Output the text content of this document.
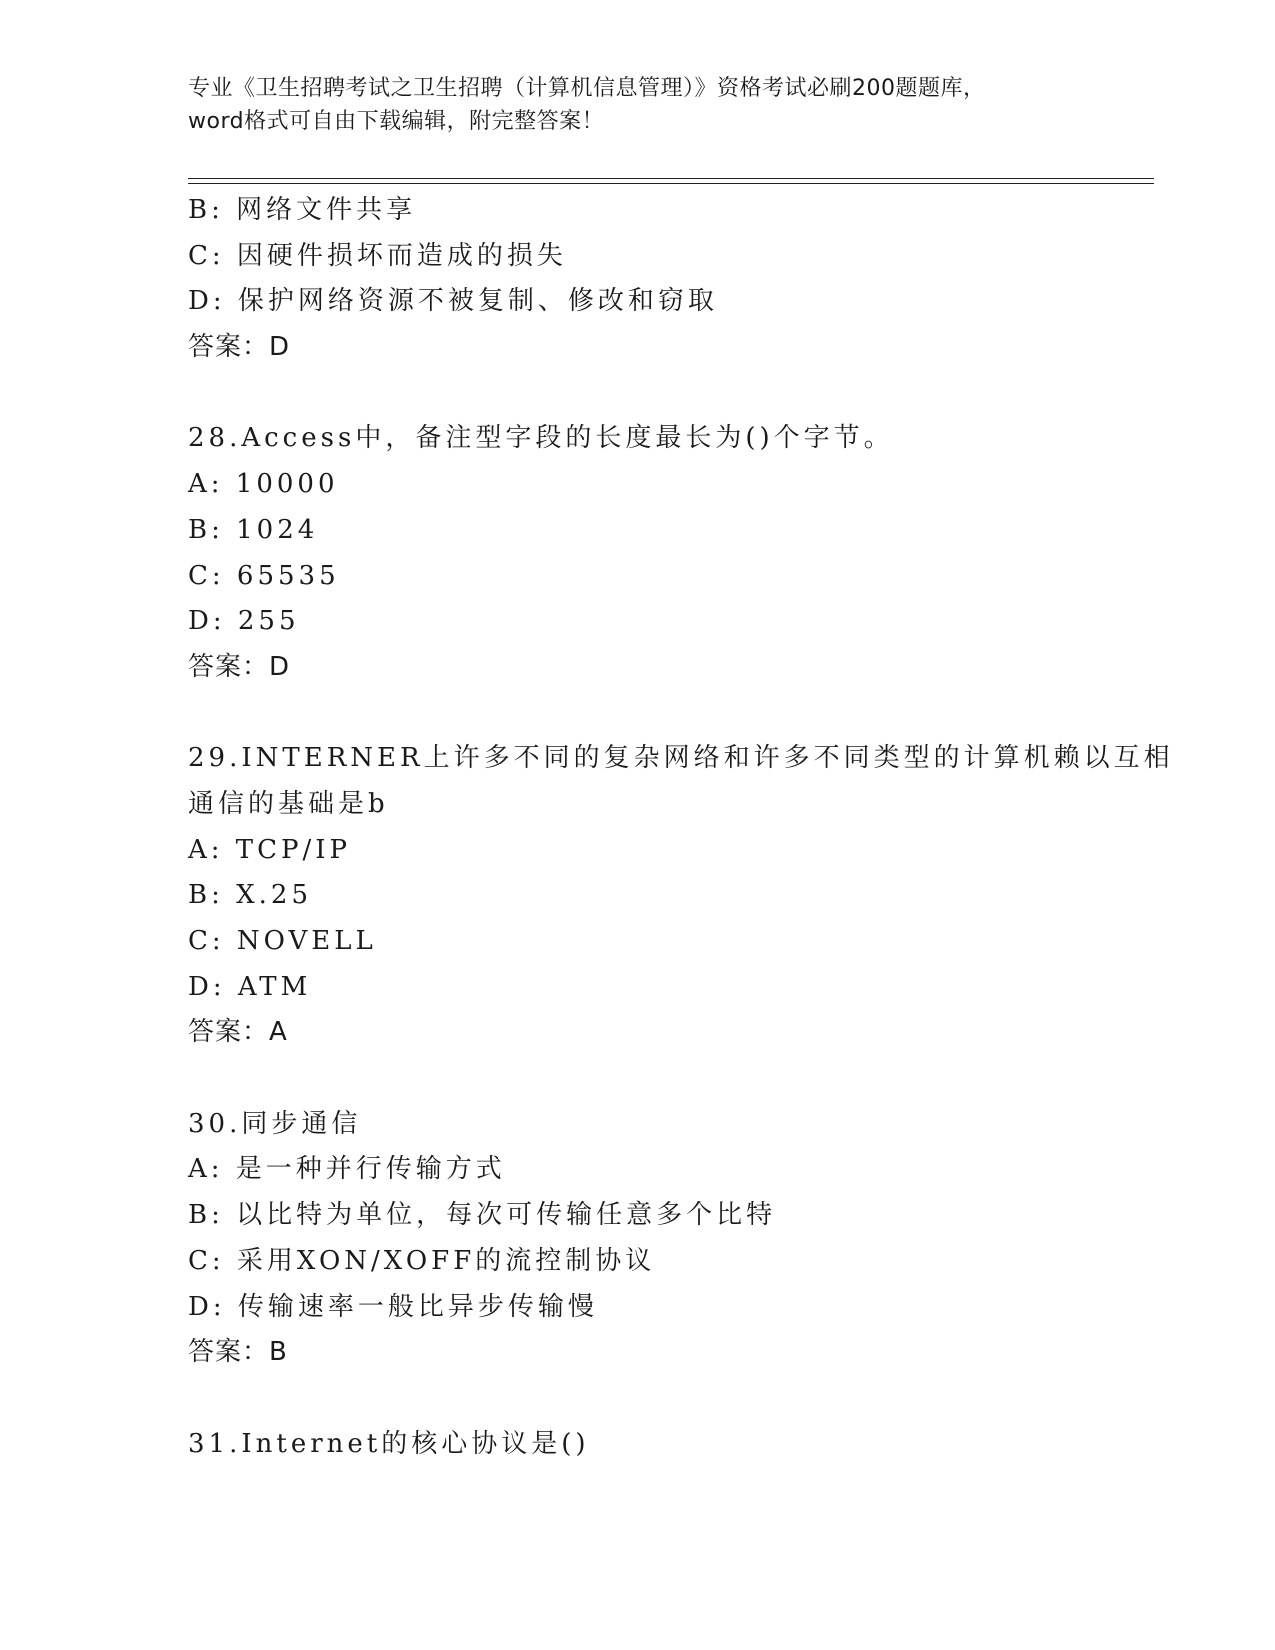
专业《卫生招聘考试之卫生招聘（计算机信息管理）》资格考试必刷200题题库，
word格式可自由下载编辑，附完整答案！
B: 网络文件共享
C: 因硬件损坏而造成的损失
D: 保护网络资源不被复制、修改和窃取
答案：D
28.Access中，备注型字段的长度最长为()个字节。
A: 10000
B: 1024
C: 65535
D: 255
答案：D
29.INTERNER上许多不同的复杂网络和许多不同类型的计算机赖以互相
通信的基础是b
A: TCP/IP
B: X.25
C: NOVELL
D: ATM
答案：A
30.同步通信
A: 是一种并行传输方式
B: 以比特为单位，每次可传输任意多个比特
C: 采用XON/XOFF的流控制协议
D: 传输速率一般比异步传输慢
答案：B
31.Internet的核心协议是()
